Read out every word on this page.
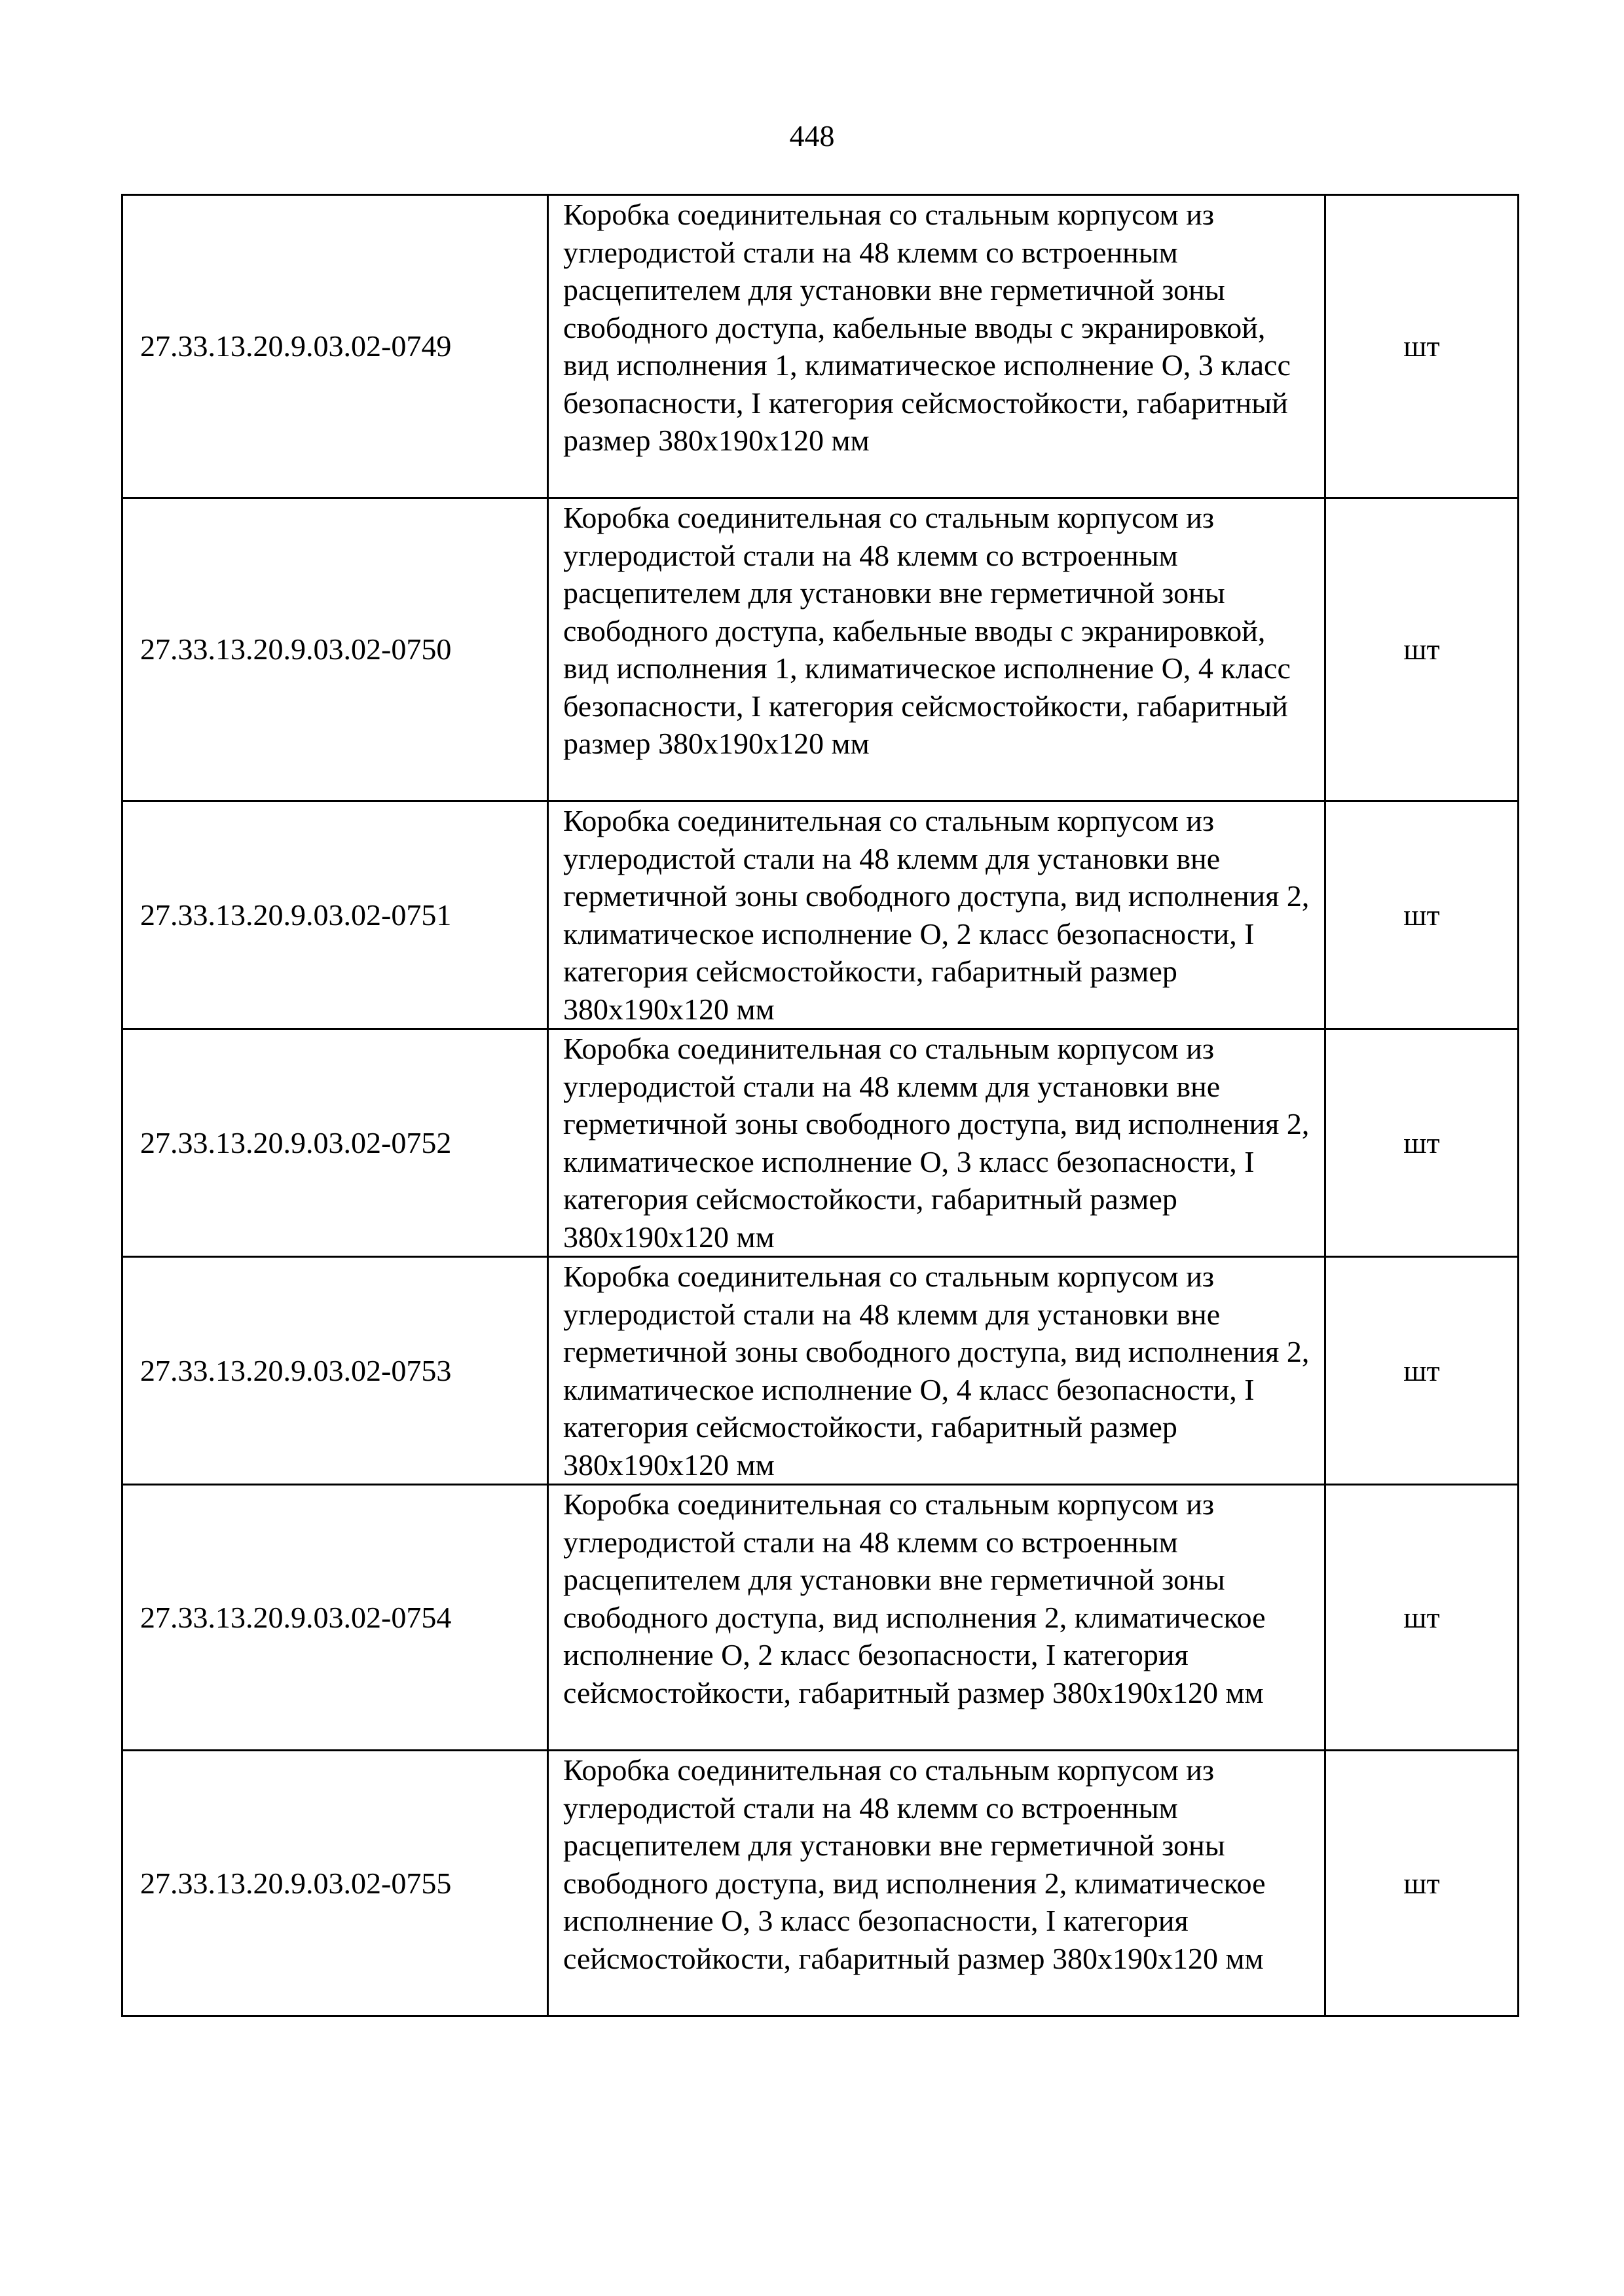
448
27.33.13.20.9.03.02-0749	Коробка соединительная со стальным корпусом из углеродистой стали на 48 клемм со встроенным расцепителем для установки вне герметичной зоны свободного доступа, кабельные вводы с экранировкой, вид исполнения 1, климатическое исполнение О, 3 класс безопасности, I категория сейсмостойкости, габаритный размер 380х190х120 мм	шт
27.33.13.20.9.03.02-0750	Коробка соединительная со стальным корпусом из углеродистой стали на 48 клемм со встроенным расцепителем для установки вне герметичной зоны свободного доступа, кабельные вводы с экранировкой, вид исполнения 1, климатическое исполнение О, 4 класс безопасности, I категория сейсмостойкости, габаритный размер 380х190х120 мм	шт
27.33.13.20.9.03.02-0751	Коробка соединительная со стальным корпусом из углеродистой стали на 48 клемм для установки вне герметичной зоны свободного доступа, вид исполнения 2, климатическое исполнение О, 2 класс безопасности, I категория сейсмостойкости, габаритный размер 380х190х120 мм	шт
27.33.13.20.9.03.02-0752	Коробка соединительная со стальным корпусом из углеродистой стали на 48 клемм для установки вне герметичной зоны свободного доступа, вид исполнения 2, климатическое исполнение О, 3 класс безопасности, I категория сейсмостойкости, габаритный размер 380х190х120 мм	шт
27.33.13.20.9.03.02-0753	Коробка соединительная со стальным корпусом из углеродистой стали на 48 клемм для установки вне герметичной зоны свободного доступа, вид исполнения 2, климатическое исполнение О, 4 класс безопасности, I категория сейсмостойкости, габаритный размер 380х190х120 мм	шт
27.33.13.20.9.03.02-0754	Коробка соединительная со стальным корпусом из углеродистой стали на 48 клемм со встроенным расцепителем для установки вне герметичной зоны свободного доступа, вид исполнения 2, климатическое исполнение О, 2 класс безопасности, I категория сейсмостойкости, габаритный размер 380х190х120 мм	шт
27.33.13.20.9.03.02-0755	Коробка соединительная со стальным корпусом из углеродистой стали на 48 клемм со встроенным расцепителем для установки вне герметичной зоны свободного доступа, вид исполнения 2, климатическое исполнение О, 3 класс безопасности, I категория сейсмостойкости, габаритный размер 380х190х120 мм	шт
